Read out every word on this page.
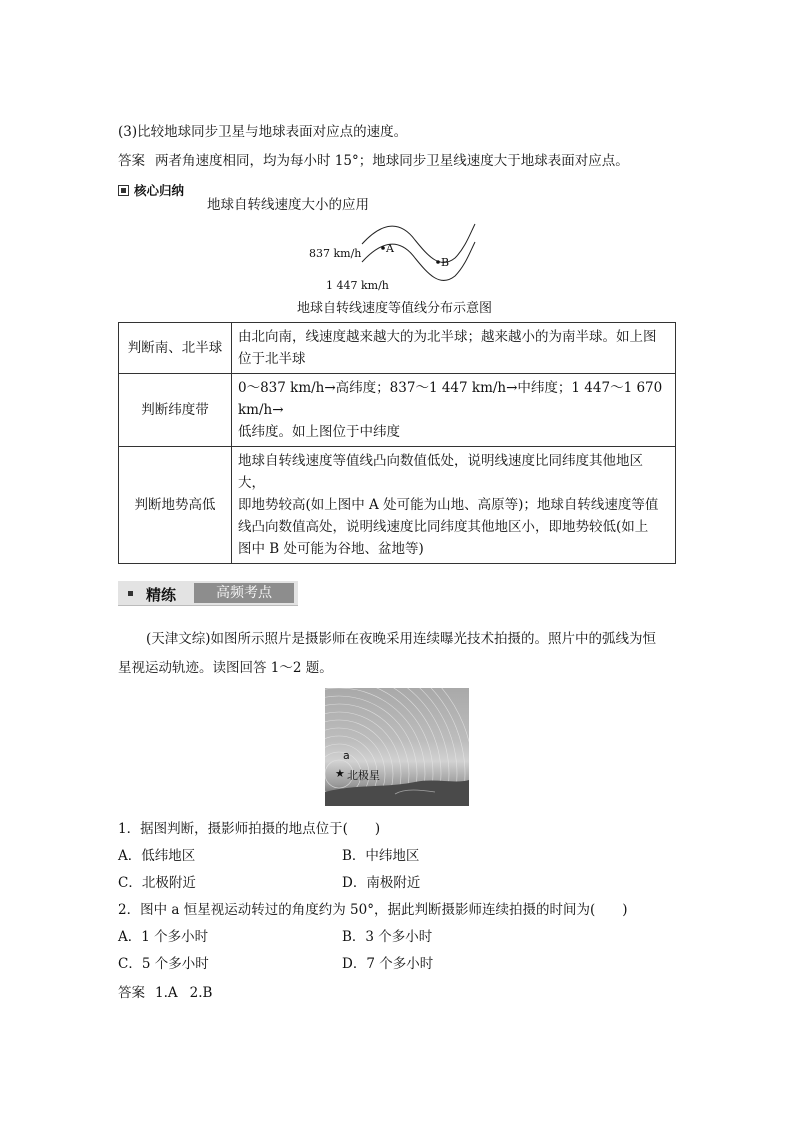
(3)比较地球同步卫星与地球表面对应点的速度。
答案 两者角速度相同，均为每小时 15°；地球同步卫星线速度大于地球表面对应点。
核心归纳
地球自转线速度大小的应用
837 km/h
1 447 km/h
A
B
地球自转线速度等值线分布示意图
判断南、北半球	由北向南，线速度越来越大的为北半球；越来越小的为南半球。如上图
位于北半球

判断纬度带	0～837 km/h→高纬度；837～1 447 km/h→中纬度；1 447～1 670 km/h→
低纬度。如上图位于中纬度

判断地势高低	地球自转线速度等值线凸向数值低处，说明线速度比同纬度其他地区大，
即地势较高(如上图中 A 处可能为山地、高原等)；地球自转线速度等值
线凸向数值高处，说明线速度比同纬度其他地区小，即地势较低(如上
图中 B 处可能为谷地、盆地等)
精练	高频考点
(天津文综)如图所示照片是摄影师在夜晚采用连续曝光技术拍摄的。照片中的弧线为恒
星视运动轨迹。读图回答 1～2 题。
a
★ 北极星
1．据图判断，摄影师拍摄的地点位于(　　)
A．低纬地区	B．中纬地区
C．北极附近	D．南极附近
2．图中 a 恒星视运动转过的角度约为 50°，据此判断摄影师连续拍摄的时间为(　　)
A．1 个多小时	B．3 个多小时
C．5 个多小时	D．7 个多小时
答案 1.A 2.B
